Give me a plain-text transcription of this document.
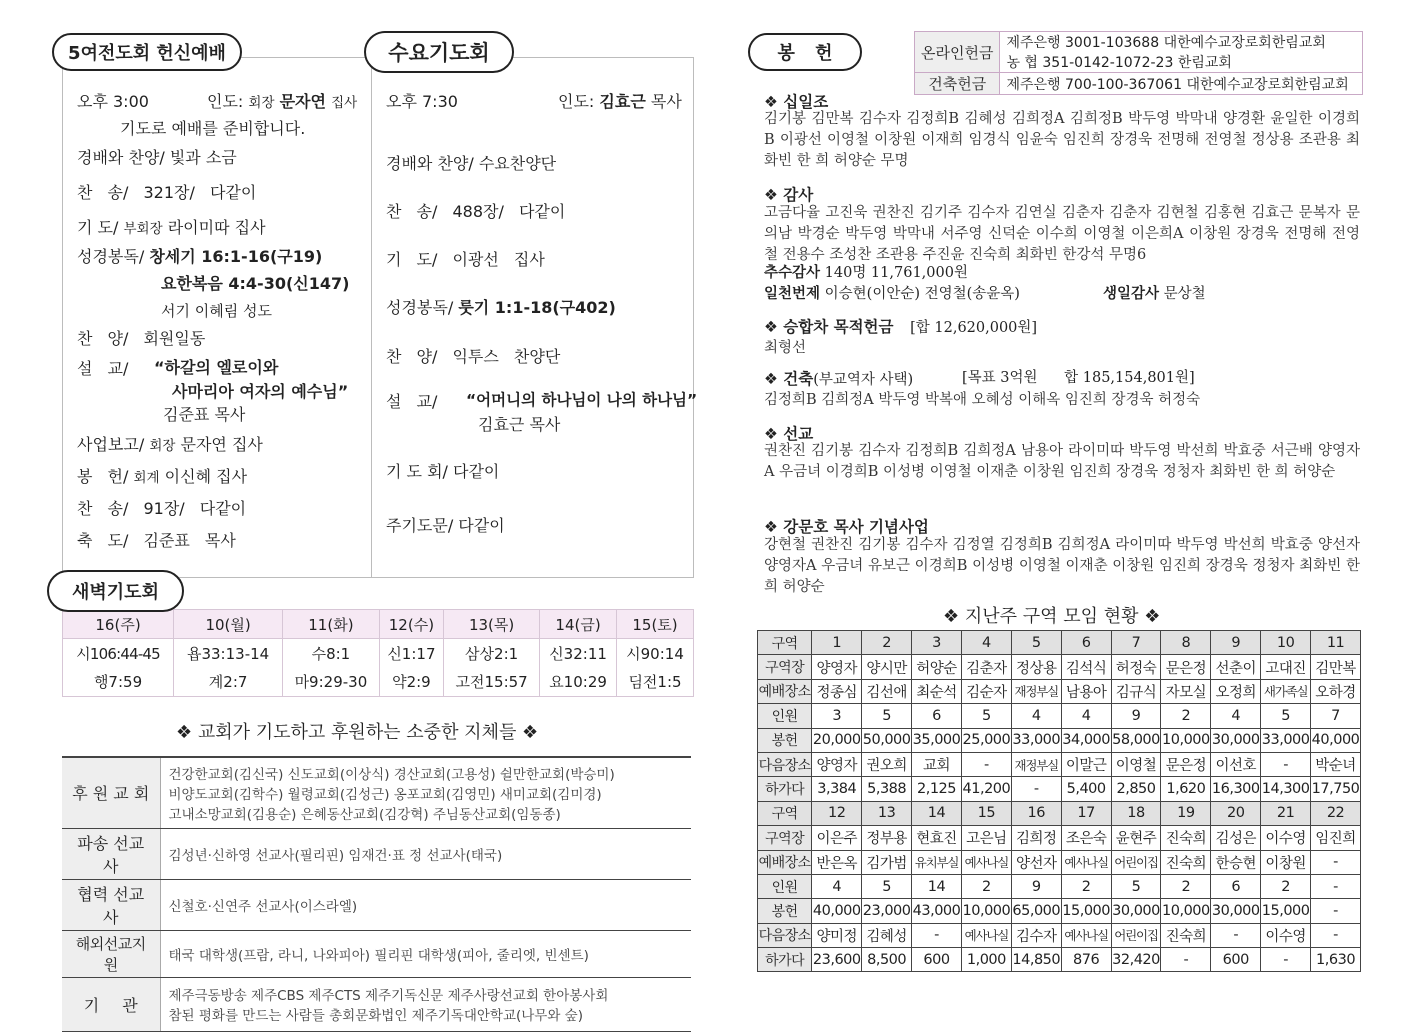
5여전도회 헌신예배	수요기도회
오후 3:00	인도: 회장 문자연 집사
기도로 예배를 준비합니다.
경배와 찬양/ 빛과 소금
찬 송/ 321장/ 다같이
기 도/ 부회장 라이미따 집사
성경봉독/ 창세기 16:1-16(구19)
요한복음 4:4-30(신147)
서기 이혜림 성도
찬 양/ 회원일동
설 교/ “하갈의 엘로이와
사마리아 여자의 예수님”
김준표 목사
사업보고/ 회장 문자연 집사
봉 헌/ 회계 이신혜 집사
찬 송/ 91장/ 다같이
축 도/ 김준표 목사
오후 7:30	인도: 김효근 목사
경배와 찬양/ 수요찬양단
찬 송/ 488장/ 다같이
기 도/ 이광선 집사
성경봉독/ 룻기 1:1-18(구402)
찬 양/ 익투스 찬양단
설 교/ “어머니의 하나님이 나의 하나님”
김효근 목사
기 도 회/ 다같이
주기도문/ 다같이
새벽기도회
16(주)	10(월)	11(화)	12(수)	13(목)	14(금)	15(토)
시106:44-45	욥33:13-14	수8:1	신1:17	삼상2:1	신32:11	시90:14
행7:59	계2:7	마9:29-30	약2:9	고전15:57	요10:29	딤전1:5
❖ 교회가 기도하고 후원하는 소중한 지체들 ❖
후 원 교 회	건강한교회(김신국) 신도교회(이상식) 경산교회(고용성) 쉴만한교회(박승미)
비양도교회(김학수) 월령교회(김성근) 옹포교회(김영민) 새미교회(김미경)
고내소망교회(김용순) 은혜동산교회(김강혁) 주님동산교회(임동종)

파송 선교사	김성년·신하영 선교사(필리핀) 임재건·표 정 선교사(태국)

협력 선교사	신철호·신연주 선교사(이스라엘)

해외선교지원	태국 대학생(프람, 라니, 나와피아) 필리핀 대학생(피아, 줄리엣, 빈센트)

기 관	제주극동방송 제주CBS 제주CTS 제주기독신문 제주사랑선교회 한아봉사회
참된 평화를 만드는 사람들 총회문화법인 제주기독대안학교(나무와 숲)
봉 헌	온라인헌금	제주은행 3001-103688 대한예수교장로회한림교회
	농 협 351-0142-1072-23 한림교회
건축헌금	제주은행 700-100-367061 대한예수교장로회한림교회
❖ 십일조
김기봉 김만복 김수자 김정희B 김혜성 김희정A 김희정B 박두영 박막내 양경환 윤일한 이경희B 이광선 이영철 이창원 이재희 임경식 임윤숙 임진희 장경욱 전명해 전영철 정상용 조관용 최화빈 한 희 허양순 무명
❖ 감사
고금다율 고진욱 권찬진 김기주 김수자 김연실 김춘자 김춘자 김현철 김홍현 김효근 문복자 문의남 박경순 박두영 박막내 서주영 신덕순 이수희 이영철 이은희A 이창원 장경욱 전명해 전영철 전용수 조성찬 조관용 주진윤 진숙희 최화빈 한강석 무명6
추수감사 140명 11,761,000원
일천번제 이승현(이안순) 전영철(송윤옥)	생일감사 문상철
❖ 승합차 목적헌금 [합 12,620,000원]
최형선
❖ 건축(부교역자 사택)	[목표 3억원 합 185,154,801원]
김정희B 김희정A 박두영 박복애 오혜성 이해옥 임진희 장경욱 허정숙
❖ 선교
권찬진 김기봉 김수자 김정희B 김희정A 남용아 라이미따 박두영 박선희 박효중 서근배 양영자A 우금녀 이경희B 이성병 이영철 이재춘 이창원 임진희 장경욱 정청자 최화빈 한 희 허양순
❖ 강문호 목사 기념사업
강현철 권찬진 김기봉 김수자 김정열 김정희B 김희정A 라이미따 박두영 박선희 박효중 양선자 양영자A 우금녀 유보근 이경희B 이성병 이영철 이재춘 이창원 임진희 장경욱 정청자 최화빈 한 희 허양순
❖ 지난주 구역 모임 현황 ❖
구역	1	2	3	4	5	6	7	8	9	10	11
구역장	양영자	양시만	허양순	김춘자	정상용	김석식	허정숙	문은정	선춘이	고대진	김만복
예배장소	정종심	김선애	최순석	김순자	재정부실	남용아	김규식	자모실	오정희	새가족실	오하경
인원	3	5	6	5	4	4	9	2	4	5	7
봉헌	20,000	50,000	35,000	25,000	33,000	34,000	58,000	10,000	30,000	33,000	40,000
다음장소	양영자	권오희	교회	-	재정부실	이말근	이영철	문은정	이선호	-	박순녀
하가다	3,384	5,388	2,125	41,200	-	5,400	2,850	1,620	16,300	14,300	17,750
구역	12	13	14	15	16	17	18	19	20	21	22
구역장	이은주	정부용	현효진	고은님	김희정	조은숙	윤현주	진숙희	김성은	이수영	임진희
예배장소	반은옥	김가범	유치부실	예사나실	양선자	예사나실	어린이집	진숙희	한승현	이창원	-
인원	4	5	14	2	9	2	5	2	6	2	-
봉헌	40,000	23,000	43,000	10,000	65,000	15,000	30,000	10,000	30,000	15,000	-
다음장소	양미정	김혜성	-	예사나실	김수자	예사나실	어린이집	진숙희	-	이수영	-
하가다	23,600	8,500	600	1,000	14,850	876	32,420	-	600	-	1,630
